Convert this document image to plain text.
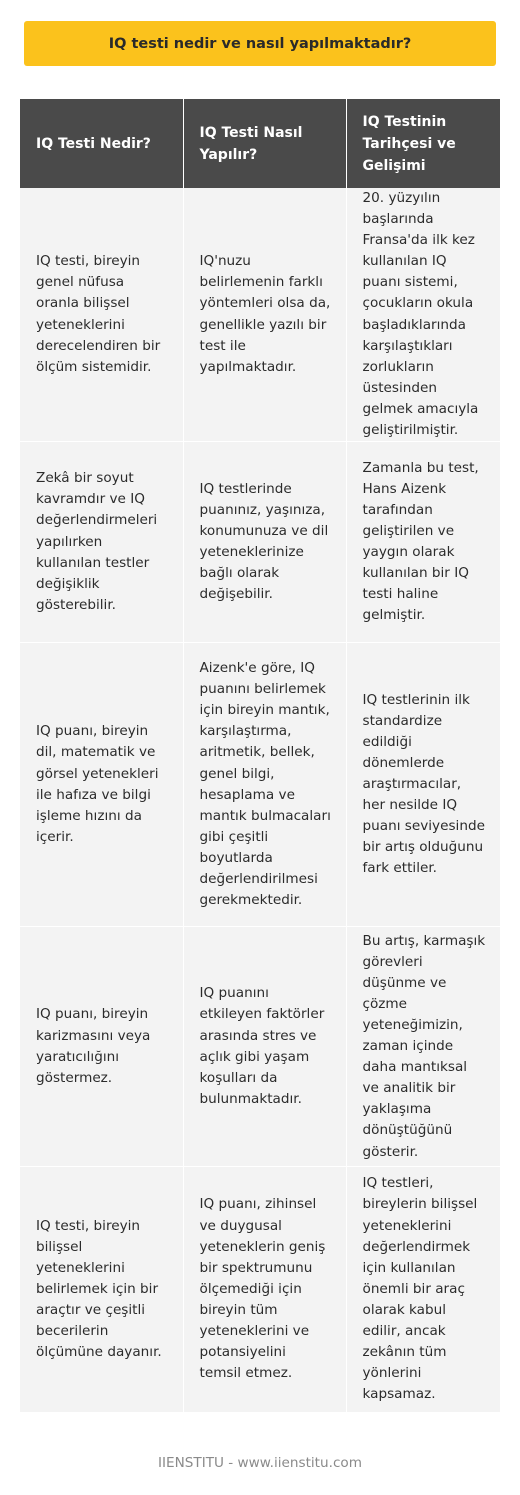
IQ testi nedir ve nasıl yapılmaktadır?
IQ Testi Nedir?	IQ Testi Nasıl Yapılır?	IQ Testinin Tarihçesi ve Gelişimi
IQ testi, bireyin genel nüfusa oranla bilişsel yeteneklerini derecelendiren bir ölçüm sistemidir.	IQ'nuzu belirlemenin farklı yöntemleri olsa da, genellikle yazılı bir test ile yapılmaktadır.	20. yüzyılın başlarında Fransa'da ilk kez kullanılan IQ puanı sistemi, çocukların okula başladıklarında karşılaştıkları zorlukların üstesinden gelmek amacıyla geliştirilmiştir.
Zekâ bir soyut kavramdır ve IQ değerlendirmeleri yapılırken kullanılan testler değişiklik gösterebilir.	IQ testlerinde puanınız, yaşınıza, konumunuza ve dil yeteneklerinize bağlı olarak değişebilir.	Zamanla bu test, Hans Aizenk tarafından geliştirilen ve yaygın olarak kullanılan bir IQ testi haline gelmiştir.
IQ puanı, bireyin dil, matematik ve görsel yetenekleri ile hafıza ve bilgi işleme hızını da içerir.	Aizenk'e göre, IQ puanını belirlemek için bireyin mantık, karşılaştırma, aritmetik, bellek, genel bilgi, hesaplama ve mantık bulmacaları gibi çeşitli boyutlarda değerlendirilmesi gerekmektedir.	IQ testlerinin ilk standardize edildiği dönemlerde araştırmacılar, her nesilde IQ puanı seviyesinde bir artış olduğunu fark ettiler.
IQ puanı, bireyin karizmasını veya yaratıcılığını göstermez.	IQ puanını etkileyen faktörler arasında stres ve açlık gibi yaşam koşulları da bulunmaktadır.	Bu artış, karmaşık görevleri düşünme ve çözme yeteneğimizin, zaman içinde daha mantıksal ve analitik bir yaklaşıma dönüştüğünü gösterir.
IQ testi, bireyin bilişsel yeteneklerini belirlemek için bir araçtır ve çeşitli becerilerin ölçümüne dayanır.	IQ puanı, zihinsel ve duygusal yeteneklerin geniş bir spektrumunu ölçemediği için bireyin tüm yeteneklerini ve potansiyelini temsil etmez.	IQ testleri, bireylerin bilişsel yeteneklerini değerlendirmek için kullanılan önemli bir araç olarak kabul edilir, ancak zekânın tüm yönlerini kapsamaz.
IIENSTITU - www.iienstitu.com
